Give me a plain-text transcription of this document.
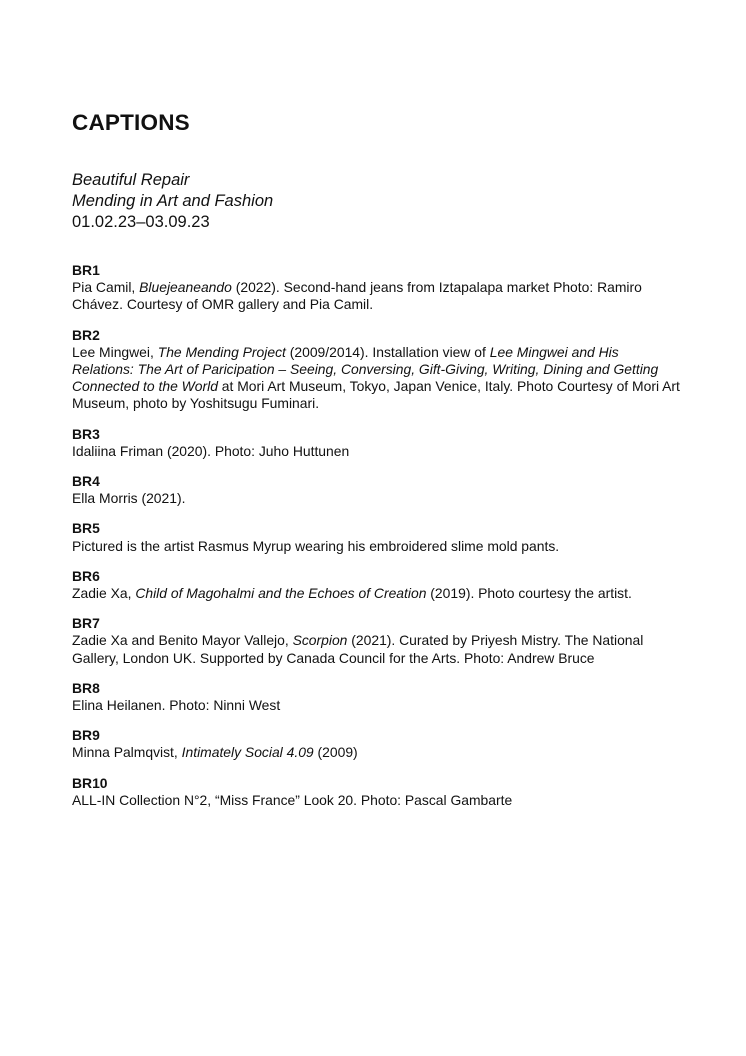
CAPTIONS
Beautiful Repair
Mending in Art and Fashion
01.02.23–03.09.23
BR1
Pia Camil, Bluejeaneando (2022). Second-hand jeans from Iztapalapa market Photo: Ramiro Chávez. Courtesy of OMR gallery and Pia Camil.
BR2
Lee Mingwei, The Mending Project (2009/2014). Installation view of Lee Mingwei and His Relations: The Art of Paricipation – Seeing, Conversing, Gift-Giving, Writing, Dining and Getting Connected to the World at Mori Art Museum, Tokyo, Japan Venice, Italy. Photo Courtesy of Mori Art Museum, photo by Yoshitsugu Fuminari.
BR3
Idaliina Friman (2020). Photo: Juho Huttunen
BR4
Ella Morris (2021).
BR5
Pictured is the artist Rasmus Myrup wearing his embroidered slime mold pants.
BR6
Zadie Xa, Child of Magohalmi and the Echoes of Creation (2019). Photo courtesy the artist.
BR7
Zadie Xa and Benito Mayor Vallejo, Scorpion (2021). Curated by Priyesh Mistry. The National Gallery, London UK. Supported by Canada Council for the Arts. Photo: Andrew Bruce
BR8
Elina Heilanen. Photo: Ninni West
BR9
Minna Palmqvist, Intimately Social 4.09 (2009)
BR10
ALL-IN Collection N°2, “Miss France” Look 20. Photo: Pascal Gambarte
